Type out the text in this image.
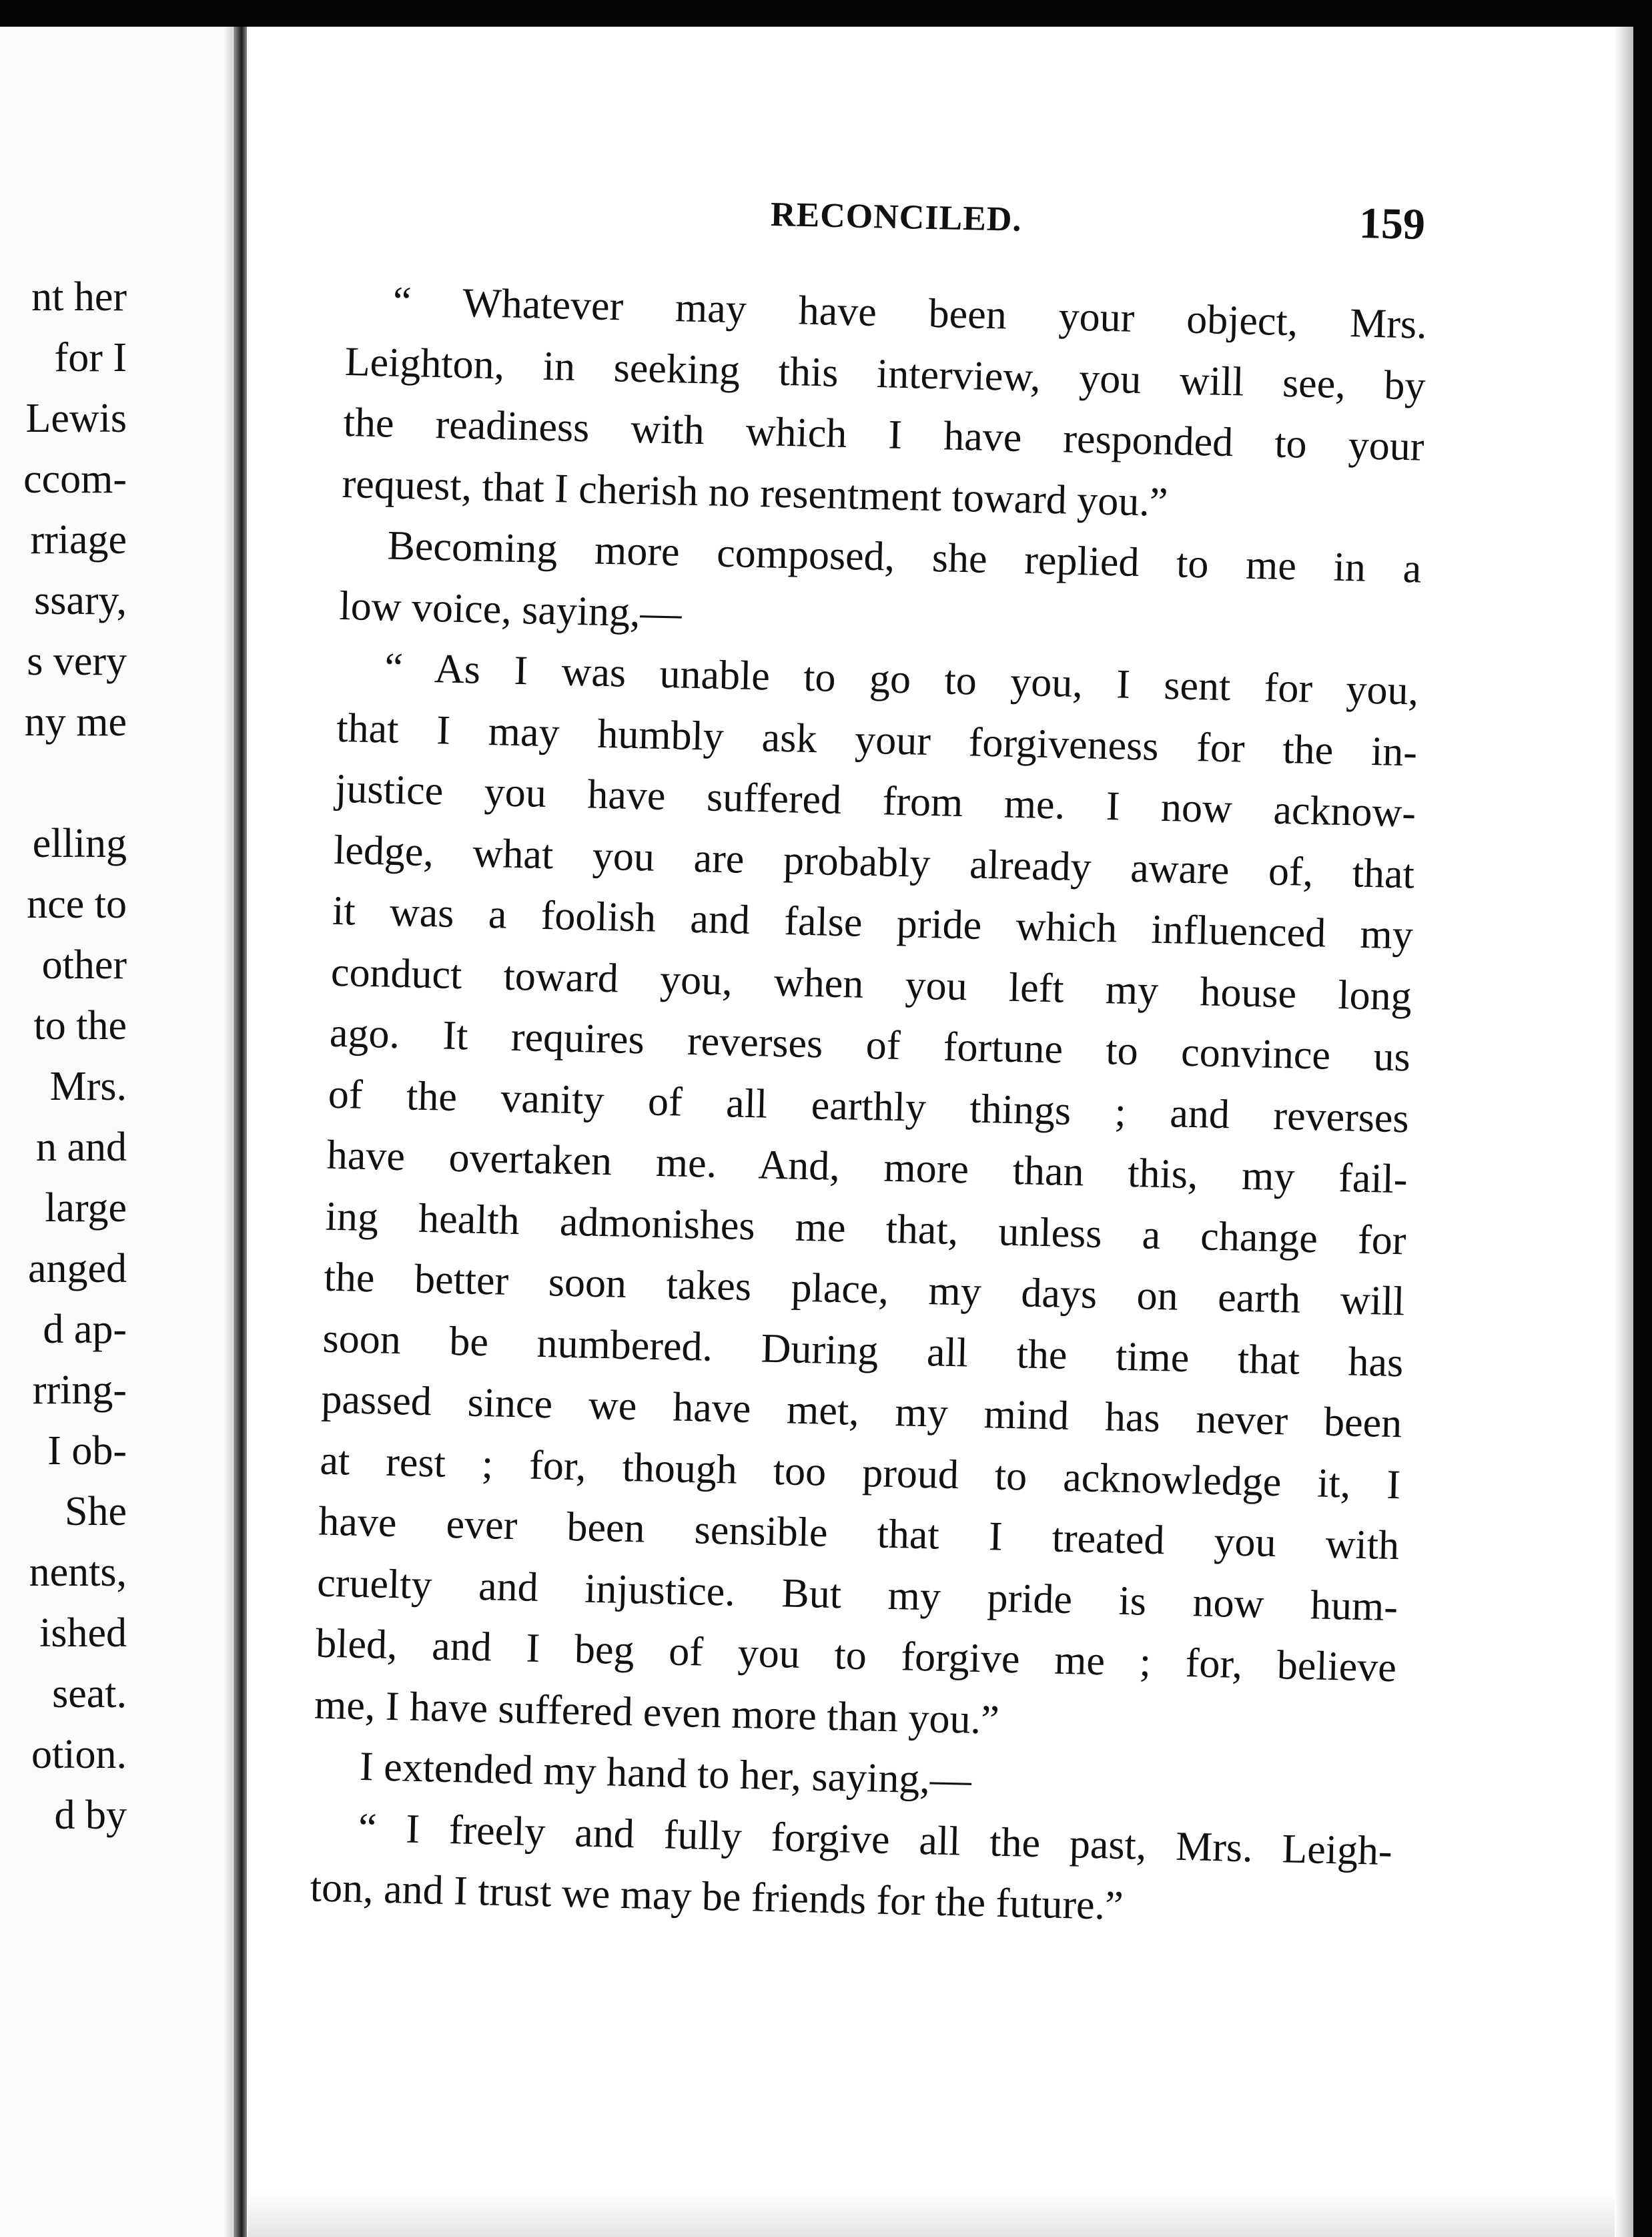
nt her
for I
Lewis
ccom-
rriage
ssary,
s very
ny me
elling
nce to
other
to the
Mrs.
n and
large
anged
d ap-
rring-
I ob-
She
nents,
ished
seat.
otion.
d by
RECONCILED.	159
“ Whatever may have been your object, Mrs.
Leighton, in seeking this interview, you will see, by
the readiness with which I have responded to your
request, that I cherish no resentment toward you.”
Becoming more composed, she replied to me in a
low voice, saying,—
“ As I was unable to go to you, I sent for you,
that I may humbly ask your forgiveness for the in-
justice you have suffered from me. I now acknow-
ledge, what you are probably already aware of, that
it was a foolish and false pride which influenced my
conduct toward you, when you left my house long
ago. It requires reverses of fortune to convince us
of the vanity of all earthly things ; and reverses
have overtaken me. And, more than this, my fail-
ing health admonishes me that, unless a change for
the better soon takes place, my days on earth will
soon be numbered. During all the time that has
passed since we have met, my mind has never been
at rest ; for, though too proud to acknowledge it, I
have ever been sensible that I treated you with
cruelty and injustice. But my pride is now hum-
bled, and I beg of you to forgive me ; for, believe
me, I have suffered even more than you.”
I extended my hand to her, saying,—
“ I freely and fully forgive all the past, Mrs. Leigh-
ton, and I trust we may be friends for the future.”
